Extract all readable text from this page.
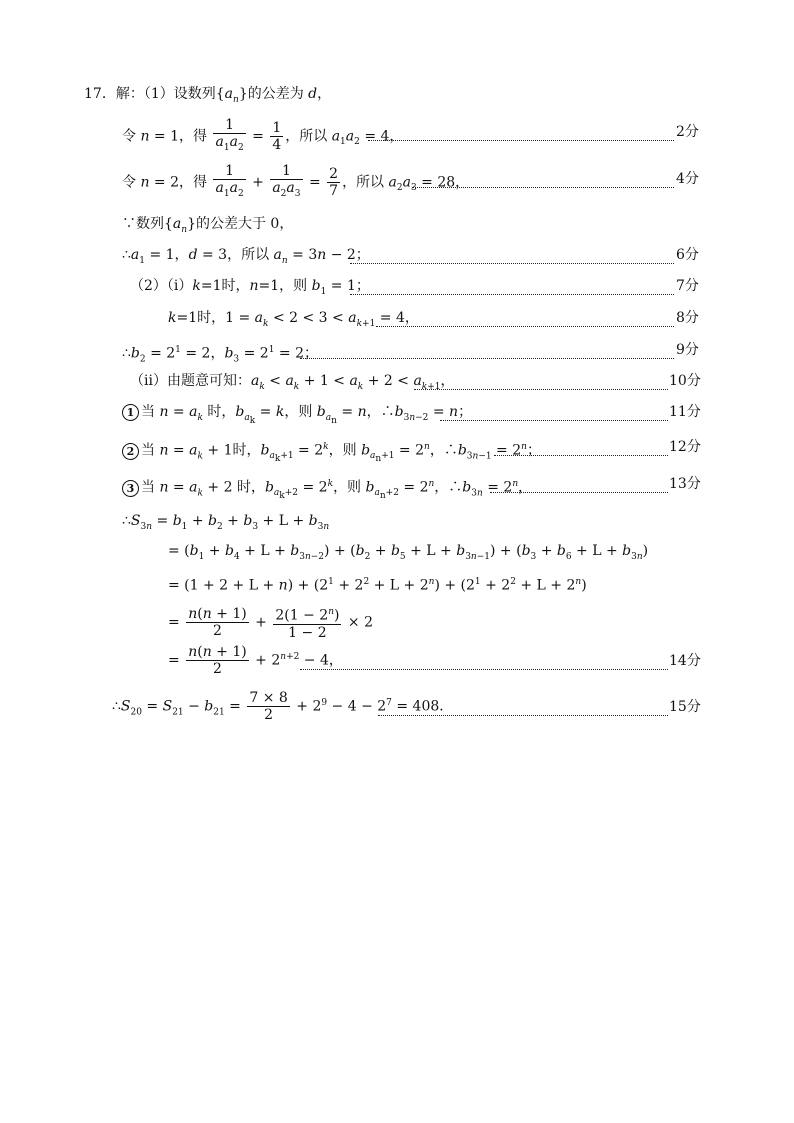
17．解：（1）设数列$\{a_n\}$的公差为 d，
令 n = 1，得 $\frac{1}{a_1a_2} = \frac{1}{4}$ ，所以 $a_1a_2 = 4$，	2分
令 n = 2，得 $\frac{1}{a_1a_2} + \frac{1}{a_2a_3} = \frac{2}{7}$ ，所以 $a_2a_3 = 28$，	4分
∵数列$\{a_n\}$的公差大于 0，
$\therefore a_1 = 1$，d = 3，所以 $a_n = 3n - 2$；	6分
（2）（i）k=1时，n=1，则 $b_1 = 1$；	7分
k=1时，$1 = a_k < 2 < 3 < a_{k+1} = 4$，	8分
$\therefore b_2 = 2^1 = 2$，$b_3 = 2^1 = 2$；	9分
（ii）由题意可知：$a_k < a_k + 1 < a_k + 2 < a_{k+1}$，	10分
1 当 $n = a_k$ 时，$b_{a_k} = k$，则 $b_{a_n} = n$，$\therefore b_{3n-2} = n$；	11分
2 当 $n = a_k + 1$时，$b_{a_k+1} = 2^k$，则 $b_{a_n+1} = 2^n$，$\therefore b_{3n-1} = 2^n$；	12分
3 当 $n = a_k + 2$ 时，$b_{a_k+2} = 2^k$，则 $b_{a_n+2} = 2^n$，$\therefore b_{3n} = 2^n$，	13分
$\therefore S_{3n} = b_1 + b_2 + b_3 + L + b_{3n}$
= $(b_1 + b_4 + L + b_{3n-2}) + (b_2 + b_5 + L + b_{3n-1}) + (b_3 + b_6 + L + b_{3n})$
= $(1 + 2 + L + n) + (2^1 + 2^2 + L + 2^n) + (2^1 + 2^2 + L + 2^n)$
= $\frac{n(n + 1)}{2} + \frac{2(1 - 2^n)}{1 - 2} \times 2$
= $\frac{n(n + 1)}{2} + 2^{n+2} - 4$，	14分
$\therefore S_{20} = S_{21} - b_{21} = \frac{7 \times 8}{2} + 2^9 - 4 - 2^7 = 408$．	15分
